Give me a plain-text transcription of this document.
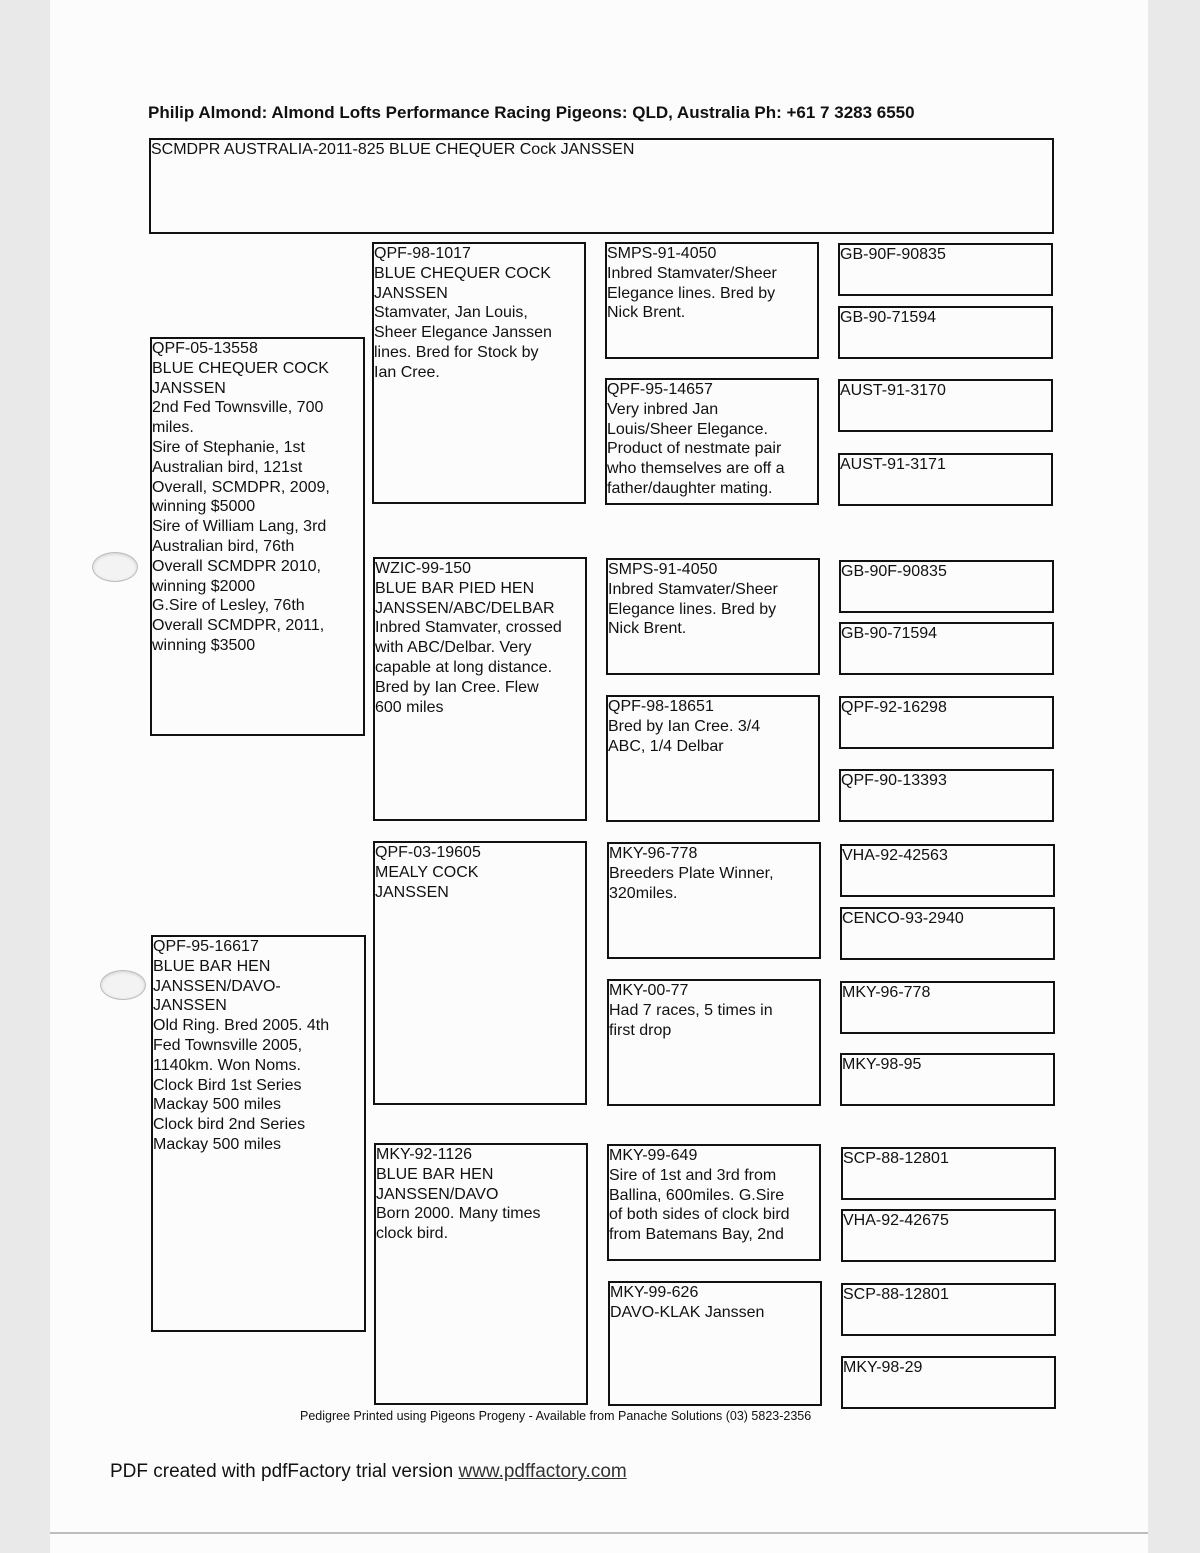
Philip Almond: Almond Lofts Performance Racing Pigeons: QLD, Australia Ph: +61 7 3283 6550
SCMDPR AUSTRALIA-2011-825 BLUE CHEQUER Cock JANSSEN
QPF-05-13558
BLUE CHEQUER COCK
JANSSEN
2nd Fed Townsville, 700
miles.
Sire of Stephanie, 1st
Australian bird, 121st
Overall, SCMDPR, 2009,
winning $5000
Sire of William Lang, 3rd
Australian bird, 76th
Overall SCMDPR 2010,
winning $2000
G.Sire of Lesley, 76th
Overall SCMDPR, 2011,
winning $3500
QPF-95-16617
BLUE BAR HEN
JANSSEN/DAVO-
JANSSEN
Old Ring. Bred 2005. 4th
Fed Townsville 2005,
1140km. Won Noms.
Clock Bird 1st Series
Mackay 500 miles
Clock bird 2nd Series
Mackay 500 miles
QPF-98-1017
BLUE CHEQUER COCK
JANSSEN
Stamvater, Jan Louis,
Sheer Elegance Janssen
lines. Bred for Stock by
Ian Cree.
WZIC-99-150
BLUE BAR PIED HEN
JANSSEN/ABC/DELBAR
Inbred Stamvater, crossed
with ABC/Delbar. Very
capable at long distance.
Bred by Ian Cree. Flew
600 miles
QPF-03-19605
MEALY COCK
JANSSEN
MKY-92-1126
BLUE BAR HEN
JANSSEN/DAVO
Born 2000. Many times
clock bird.
SMPS-91-4050
Inbred Stamvater/Sheer
Elegance lines. Bred by
Nick Brent.
QPF-95-14657
Very inbred Jan
Louis/Sheer Elegance.
Product of nestmate pair
who themselves are off a
father/daughter mating.
SMPS-91-4050
Inbred Stamvater/Sheer
Elegance lines. Bred by
Nick Brent.
QPF-98-18651
Bred by Ian Cree. 3/4
ABC, 1/4 Delbar
MKY-96-778
Breeders Plate Winner,
320miles.
MKY-00-77
Had 7 races, 5 times in
first drop
MKY-99-649
Sire of 1st and 3rd from
Ballina, 600miles. G.Sire
of both sides of clock bird
from Batemans Bay, 2nd
MKY-99-626
DAVO-KLAK Janssen
GB-90F-90835
GB-90-71594
AUST-91-3170
AUST-91-3171
GB-90F-90835
GB-90-71594
QPF-92-16298
QPF-90-13393
VHA-92-42563
CENCO-93-2940
MKY-96-778
MKY-98-95
SCP-88-12801
VHA-92-42675
SCP-88-12801
MKY-98-29
Pedigree Printed using Pigeons Progeny - Available from Panache Solutions (03) 5823-2356
PDF created with pdfFactory trial version www.pdffactory.com
